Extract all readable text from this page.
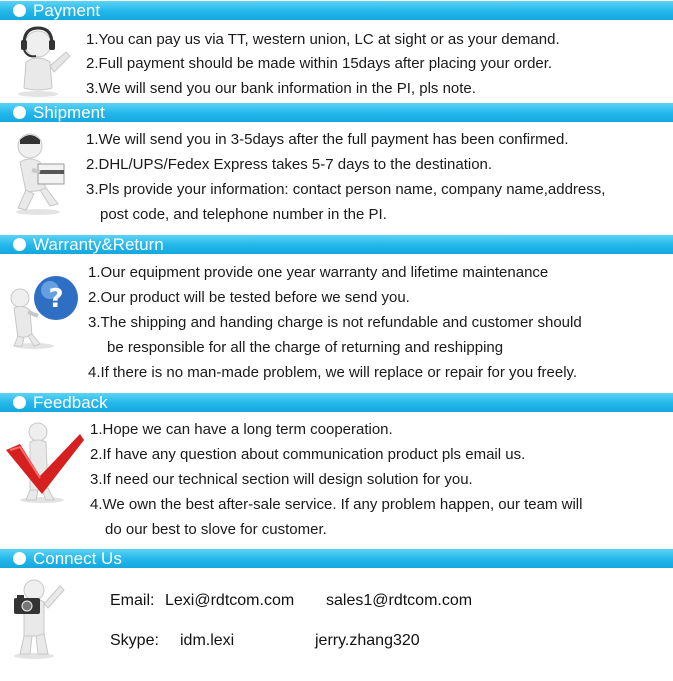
Payment
1.You can pay us via TT, western union, LC at sight or as your demand.
2.Full payment should be made within 15days after placing your order.
3.We will send you our bank information in the PI, pls note.
Shipment
1.We will send you in 3-5days after the full payment has been confirmed.
2.DHL/UPS/Fedex Express takes 5-7 days to the destination.
3.Pls provide your information: contact person name, company name,address,
post code, and telephone number in the PI.
Warranty&Return
?
1.Our equipment provide one year warranty and lifetime maintenance
2.Our product will be tested before we send you.
3.The shipping and handing charge is not refundable and customer should
be responsible for all the charge of returning and reshipping
4.If there is no man-made problem, we will replace or repair for you freely.
Feedback
1.Hope we can have a long term cooperation.
2.If have any question about communication product pls email us.
3.If need our technical section will design solution for you.
4.We own the best after-sale service. If any problem happen, our team will
do our best to slove for customer.
Connect Us
Email: Lexi@rdtcom.com sales1@rdtcom.com
Skype: idm.lexi	jerry.zhang320
